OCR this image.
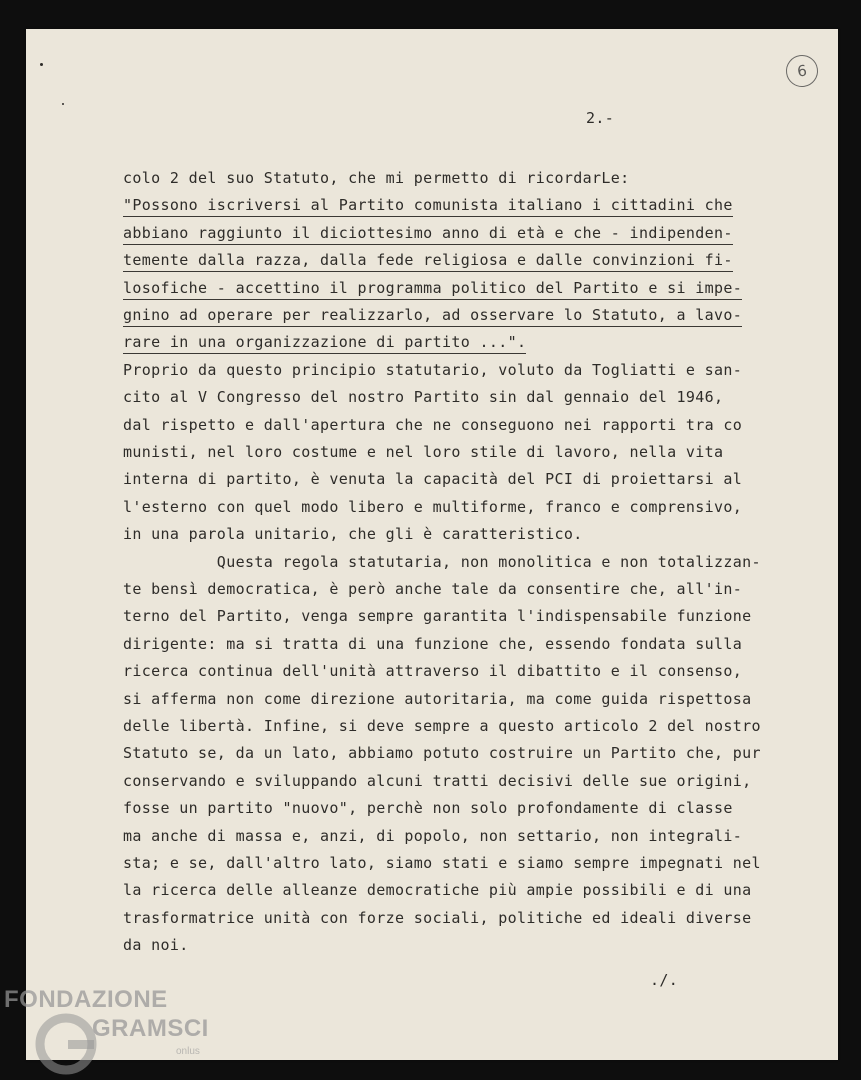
6
2.-
colo 2 del suo Statuto, che mi permetto di ricordarLe:
"Possono iscriversi al Partito comunista italiano i cittadini che
abbiano raggiunto il diciottesimo anno di età e che - indipenden-
temente dalla razza, dalla fede religiosa e dalle convinzioni fi-
losofiche - accettino il programma politico del Partito e si impe-
gnino ad operare per realizzarlo, ad osservare lo Statuto, a lavo-
rare in una organizzazione di partito ...".
Proprio da questo principio statutario, voluto da Togliatti e san-
cito al V Congresso del nostro Partito sin dal gennaio del 1946,
dal rispetto e dall'apertura che ne conseguono nei rapporti tra co
munisti, nel loro costume e nel loro stile di lavoro, nella vita
interna di partito, è venuta la capacità del PCI di proiettarsi al
l'esterno con quel modo libero e multiforme, franco e comprensivo,
in una parola unitario, che gli è caratteristico.
Questa regola statutaria, non monolitica e non totalizzan-
te bensì democratica, è però anche tale da consentire che, all'in-
terno del Partito, venga sempre garantita l'indispensabile funzione
dirigente: ma si tratta di una funzione che, essendo fondata sulla
ricerca continua dell'unità attraverso il dibattito e il consenso,
si afferma non come direzione autoritaria, ma come guida rispettosa
delle libertà. Infine, si deve sempre a questo articolo 2 del nostro
Statuto se, da un lato, abbiamo potuto costruire un Partito che, pur
conservando e sviluppando alcuni tratti decisivi delle sue origini,
fosse un partito "nuovo", perchè non solo profondamente di classe
ma anche di massa e, anzi, di popolo, non settario, non integrali-
sta; e se, dall'altro lato, siamo stati e siamo sempre impegnati nel
la ricerca delle alleanze democratiche più ampie possibili e di una
trasformatrice unità con forze sociali, politiche ed ideali diverse
da noi.
./.
FONDAZIONE
GRAMSCI
onlus
